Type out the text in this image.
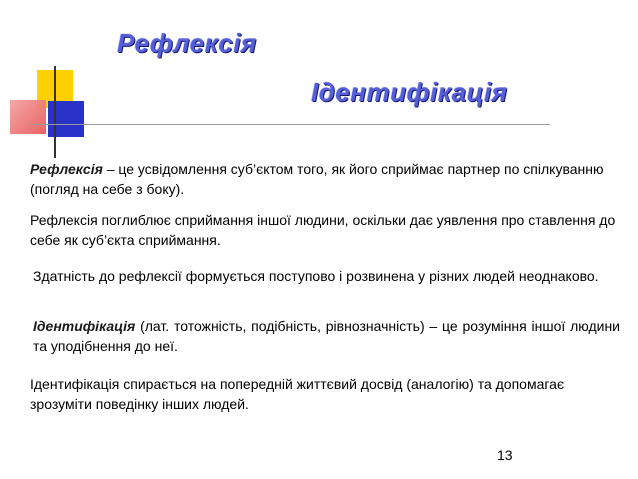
Рефлексія
Ідентифікація
Рефлексія – це усвідомлення суб’єктом того, як його сприймає партнер по спілкуванню (погляд на себе з боку).
Рефлексія поглиблює сприймання іншої людини, оскільки дає уявлення про ставлення до себе як суб’єкта сприймання.
Здатність до рефлексії формується поступово і розвинена у різних людей неоднаково.
Ідентифікація (лат. тотожність, подібність, рівнозначність) – це розуміння іншої людини та уподібнення до неї.
Ідентифікація спирається на попередній життєвий досвід (аналогію) та допомагає зрозуміти поведінку інших людей.
13
